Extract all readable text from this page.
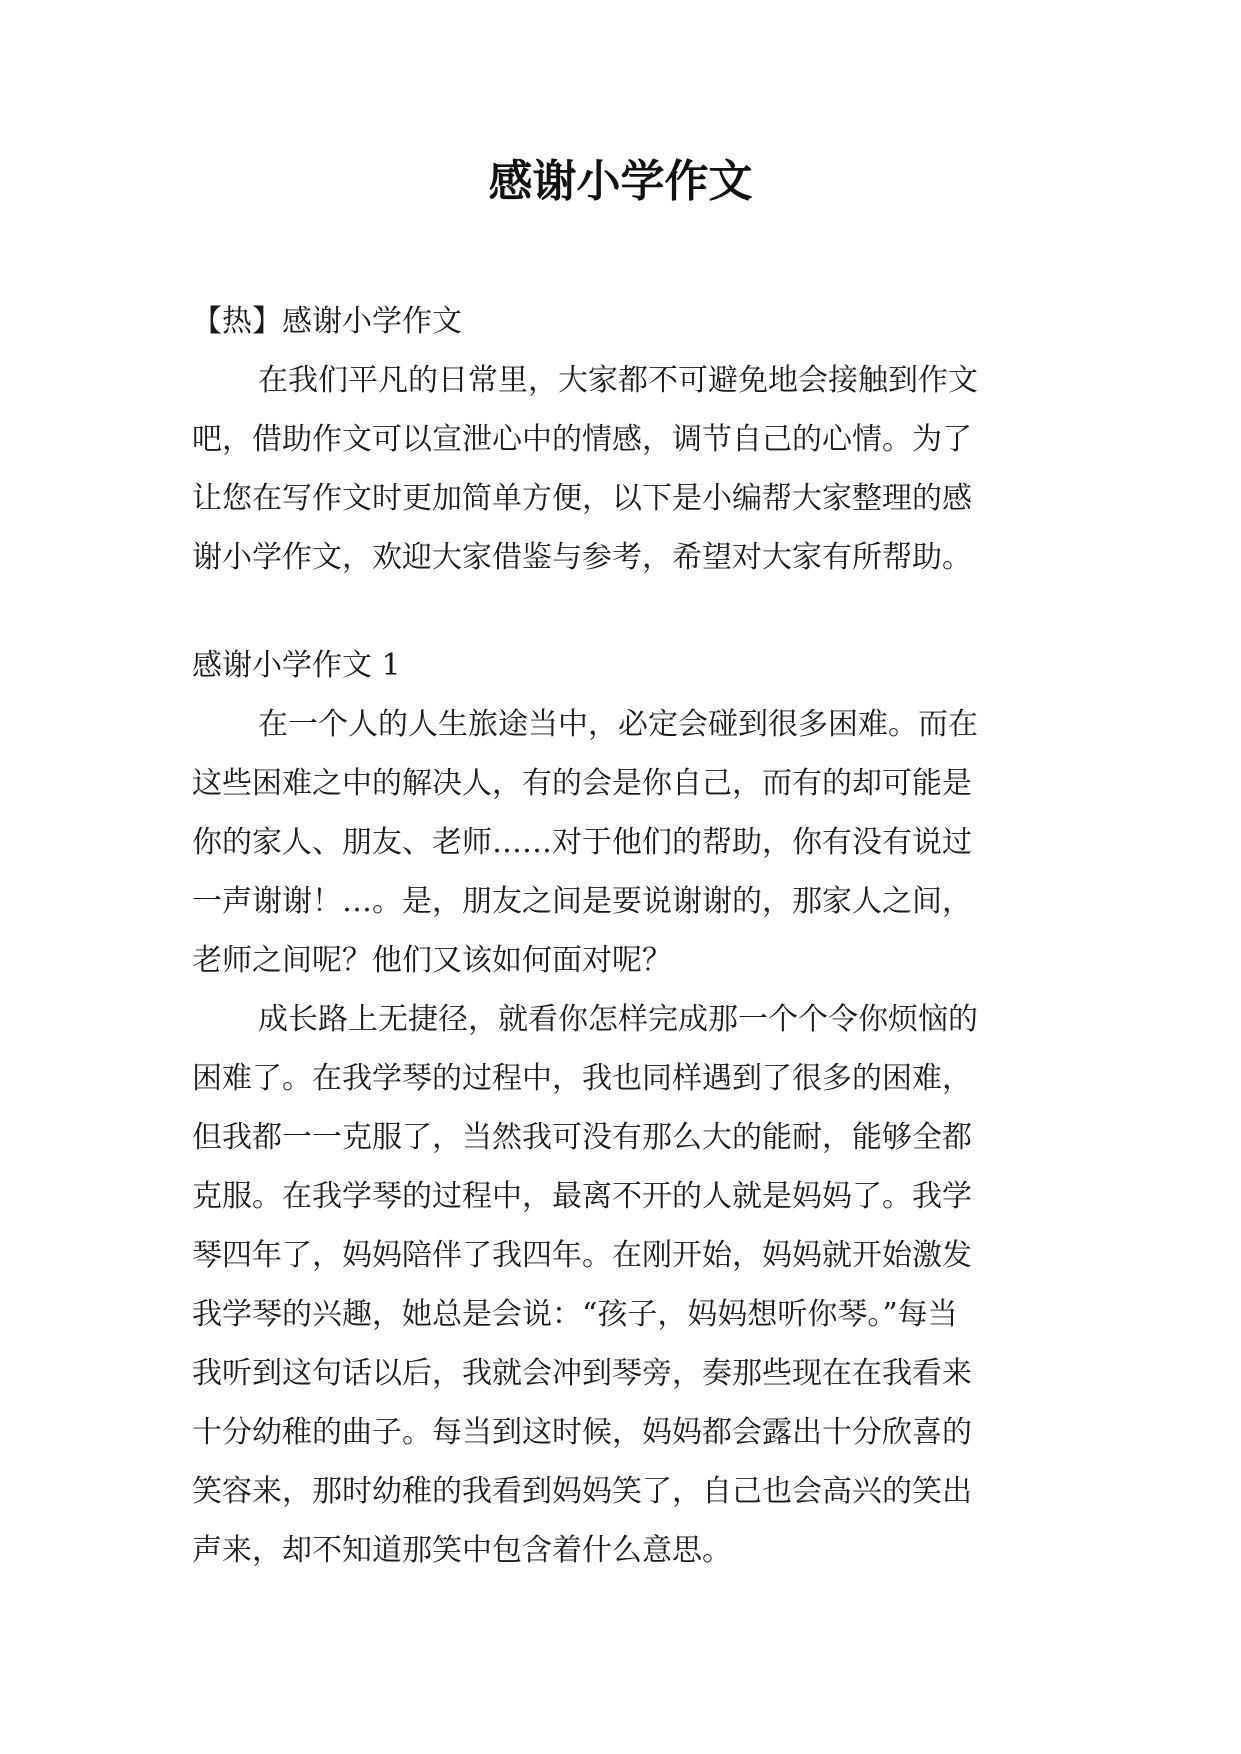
感谢小学作文
【热】感谢小学作文
在我们平凡的日常里，大家都不可避免地会接触到作文
吧，借助作文可以宣泄心中的情感，调节自己的心情。为了
让您在写作文时更加简单方便，以下是小编帮大家整理的感
谢小学作文，欢迎大家借鉴与参考，希望对大家有所帮助。
感谢小学作文 1
在一个人的人生旅途当中，必定会碰到很多困难。而在
这些困难之中的解决人，有的会是你自己，而有的却可能是
你的家人、朋友、老师……对于他们的帮助，你有没有说过
一声谢谢！…。是，朋友之间是要说谢谢的，那家人之间，
老师之间呢？他们又该如何面对呢？
成长路上无捷径，就看你怎样完成那一个个令你烦恼的
困难了。在我学琴的过程中，我也同样遇到了很多的困难，
但我都一一克服了，当然我可没有那么大的能耐，能够全都
克服。在我学琴的过程中，最离不开的人就是妈妈了。我学
琴四年了，妈妈陪伴了我四年。在刚开始，妈妈就开始激发
我学琴的兴趣，她总是会说：“孩子，妈妈想听你琴。”每当
我听到这句话以后，我就会冲到琴旁，奏那些现在在我看来
十分幼稚的曲子。每当到这时候，妈妈都会露出十分欣喜的
笑容来，那时幼稚的我看到妈妈笑了，自己也会高兴的笑出
声来，却不知道那笑中包含着什么意思。
